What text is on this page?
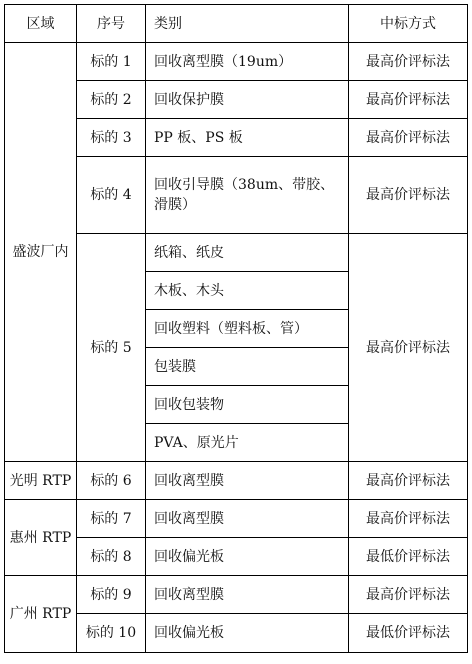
区域	序号	类别	中标方式
盛波厂内	标的 1	回收离型膜（19um）	最高价评标法
	标的 2	回收保护膜	最高价评标法
	标的 3	PP 板、PS 板	最高价评标法
	标的 4	回收引导膜（38um、带胶、滑膜）	最高价评标法
	标的 5	纸箱、纸皮	最高价评标法
		木板、木头	
		回收塑料（塑料板、管）	
		包装膜	
		回收包装物	
		PVA、原光片	
光明 RTP	标的 6	回收离型膜	最高价评标法
惠州 RTP	标的 7	回收离型膜	最高价评标法
	标的 8	回收偏光板	最低价评标法
广州 RTP	标的 9	回收离型膜	最高价评标法
	标的 10	回收偏光板	最低价评标法
